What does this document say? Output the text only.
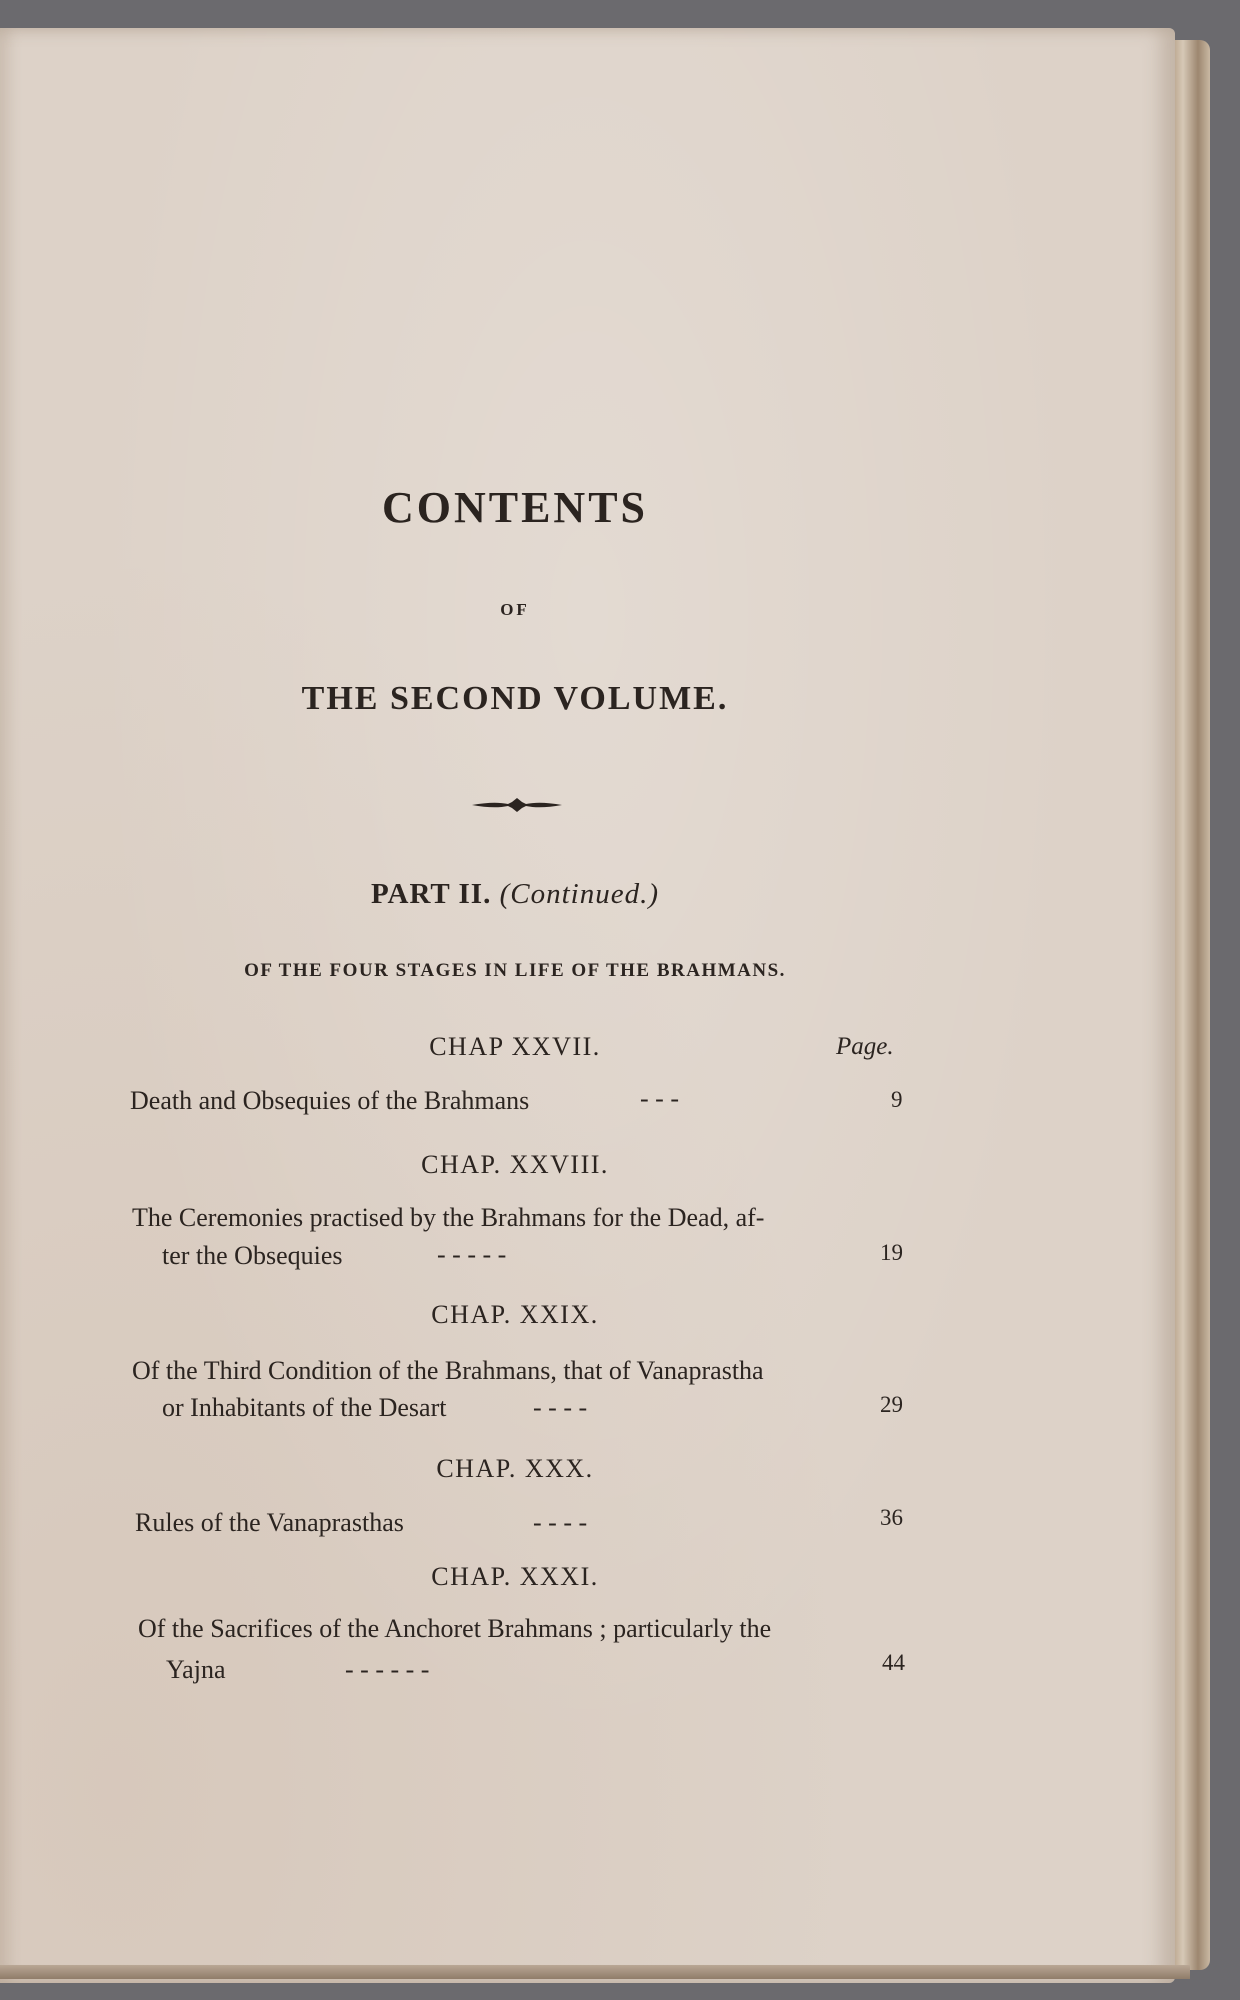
CONTENTS
OF
THE SECOND VOLUME.
PART II. (Continued.)
OF THE FOUR STAGES IN LIFE OF THE BRAHMANS.
Page.
CHAP XXVII.
Death and Obsequies of the Brahmans	- - -	9
CHAP. XXVIII.
The Ceremonies practised by the Brahmans for the Dead, af-
ter the Obsequies	- - - - -	19
CHAP. XXIX.
Of the Third Condition of the Brahmans, that of Vanaprastha
or Inhabitants of the Desart	- - - -	29
CHAP. XXX.
Rules of the Vanaprasthas	- - - -	36
CHAP. XXXI.
Of the Sacrifices of the Anchoret Brahmans ; particularly the
Yajna	- - - - - -	44
